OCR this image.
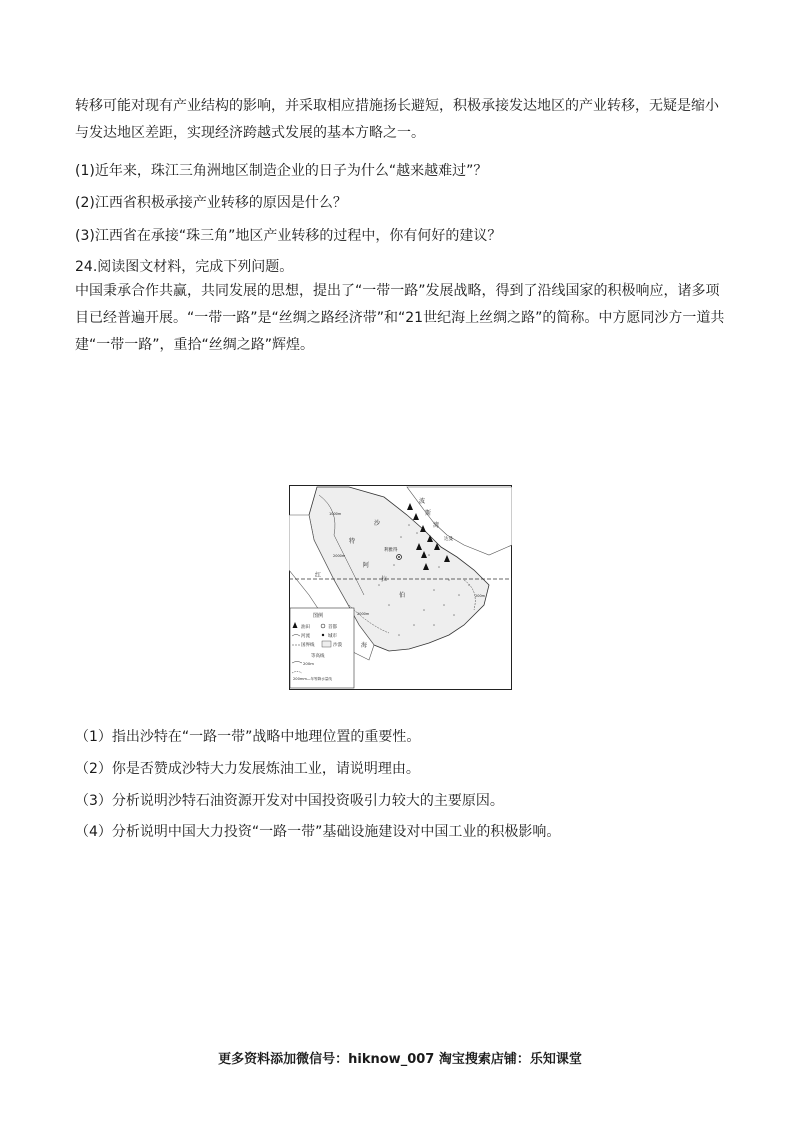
转移可能对现有产业结构的影响，并采取相应措施扬长避短，积极承接发达地区的产业转移，无疑是缩小与发达地区差距，实现经济跨越式发展的基本方略之一。

(1)近年来，珠江三角洲地区制造企业的日子为什么“越来越难过”？
(2)江西省积极承接产业转移的原因是什么？
(3)江西省在承接“珠三角”地区产业转移的过程中，你有何好的建议？
24.阅读图文材料，完成下列问题。

中国秉承合作共赢，共同发展的思想，提出了“一带一路”发展战略，得到了沿线国家的积极响应，诸多项目已经普遍开展。“一带一路”是“丝绸之路经济带”和“21世纪海上丝绸之路”的简称。中方愿同沙方一道共建“一带一路”，重拾“丝绸之路”辉煌。

沙
特
阿
拉
伯
波
斯
湾
红
海
利雅得
达曼
1000m
2000m
200m
2000m
图例
油田	首都
河流	城市
国界线	沙漠
等高线
200m
200mm—年等降水量线
（1）指出沙特在“一路一带”战略中地理位置的重要性。
（2）你是否赞成沙特大力发展炼油工业，请说明理由。
（3）分析说明沙特石油资源开发对中国投资吸引力较大的主要原因。
（4）分析说明中国大力投资“一路一带”基础设施建设对中国工业的积极影响。
更多资料添加微信号：hiknow_007 淘宝搜索店铺：乐知课堂
